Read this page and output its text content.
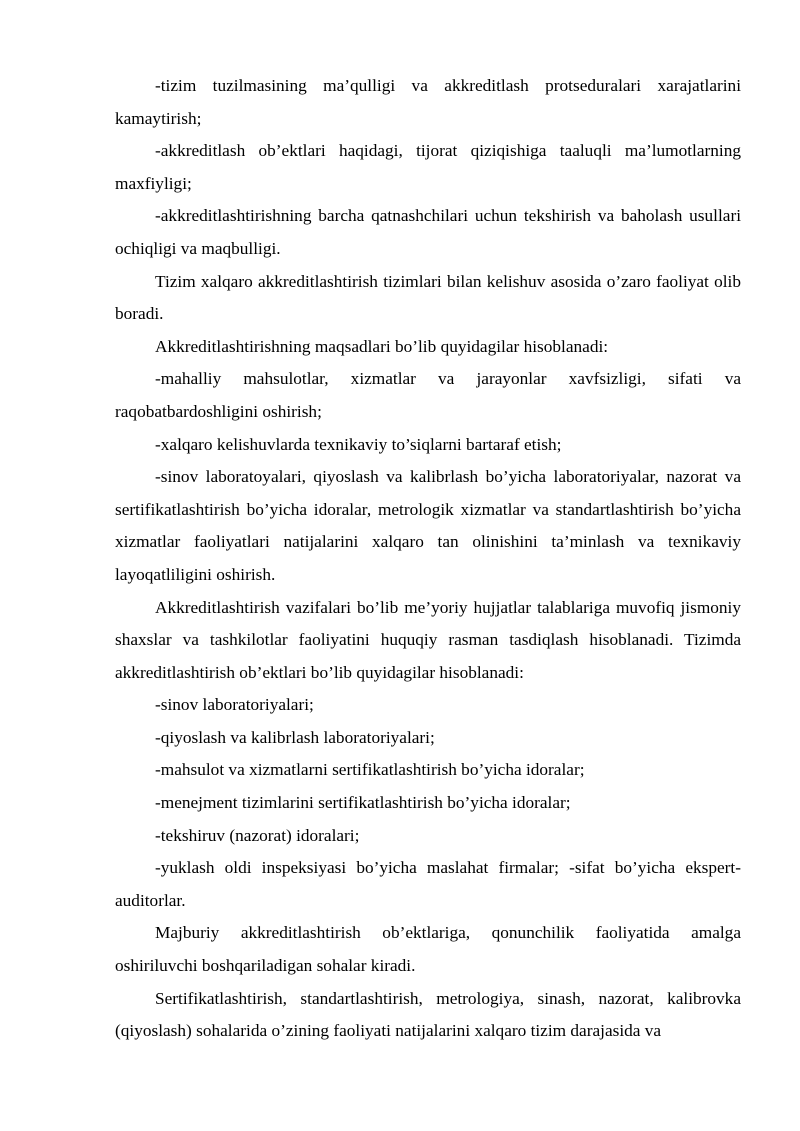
-tizim tuzilmasining ma’qulligi va akkreditlash protseduralari xarajatlarini kamaytirish;

-akkreditlash ob’ektlari haqidagi, tijorat qiziqishiga taaluqli ma’lumotlarning maxfiyligi;

-akkreditlashtirishning barcha qatnashchilari uchun tekshirish va baholash usullari ochiqligi va maqbulligi.

Tizim xalqaro akkreditlashtirish tizimlari bilan kelishuv asosida o’zaro faoliyat olib boradi.

Akkreditlashtirishning maqsadlari bo’lib quyidagilar hisoblanadi:

-mahalliy mahsulotlar, xizmatlar va jarayonlar xavfsizligi, sifati va raqobatbardoshligini oshirish;

-xalqaro kelishuvlarda texnikaviy to’siqlarni bartaraf etish;

-sinov laboratoyalari, qiyoslash va kalibrlash bo’yicha laboratoriyalar, nazorat va sertifikatlashtirish bo’yicha idoralar, metrologik xizmatlar va standartlashtirish bo’yicha xizmatlar faoliyatlari natijalarini xalqaro tan olinishini ta’minlash va texnikaviy layoqatliligini oshirish.

Akkreditlashtirish vazifalari bo’lib me’yoriy hujjatlar talablariga muvofiq jismoniy shaxslar va tashkilotlar faoliyatini huquqiy rasman tasdiqlash hisoblanadi. Tizimda akkreditlashtirish ob’ektlari bo’lib quyidagilar hisoblanadi:

-sinov laboratoriyalari;

-qiyoslash va kalibrlash laboratoriyalari;

-mahsulot va xizmatlarni sertifikatlashtirish bo’yicha idoralar;

-menejment tizimlarini sertifikatlashtirish bo’yicha idoralar;

-tekshiruv (nazorat) idoralari;

-yuklash oldi inspeksiyasi bo’yicha maslahat firmalar; -sifat bo’yicha ekspert-auditorlar.

Majburiy akkreditlashtirish ob’ektlariga, qonunchilik faoliyatida amalga oshiriluvchi boshqariladigan sohalar kiradi.

Sertifikatlashtirish, standartlashtirish, metrologiya, sinash, nazorat, kalibrovka (qiyoslash) sohalarida o’zining faoliyati natijalarini xalqaro tizim darajasida va
